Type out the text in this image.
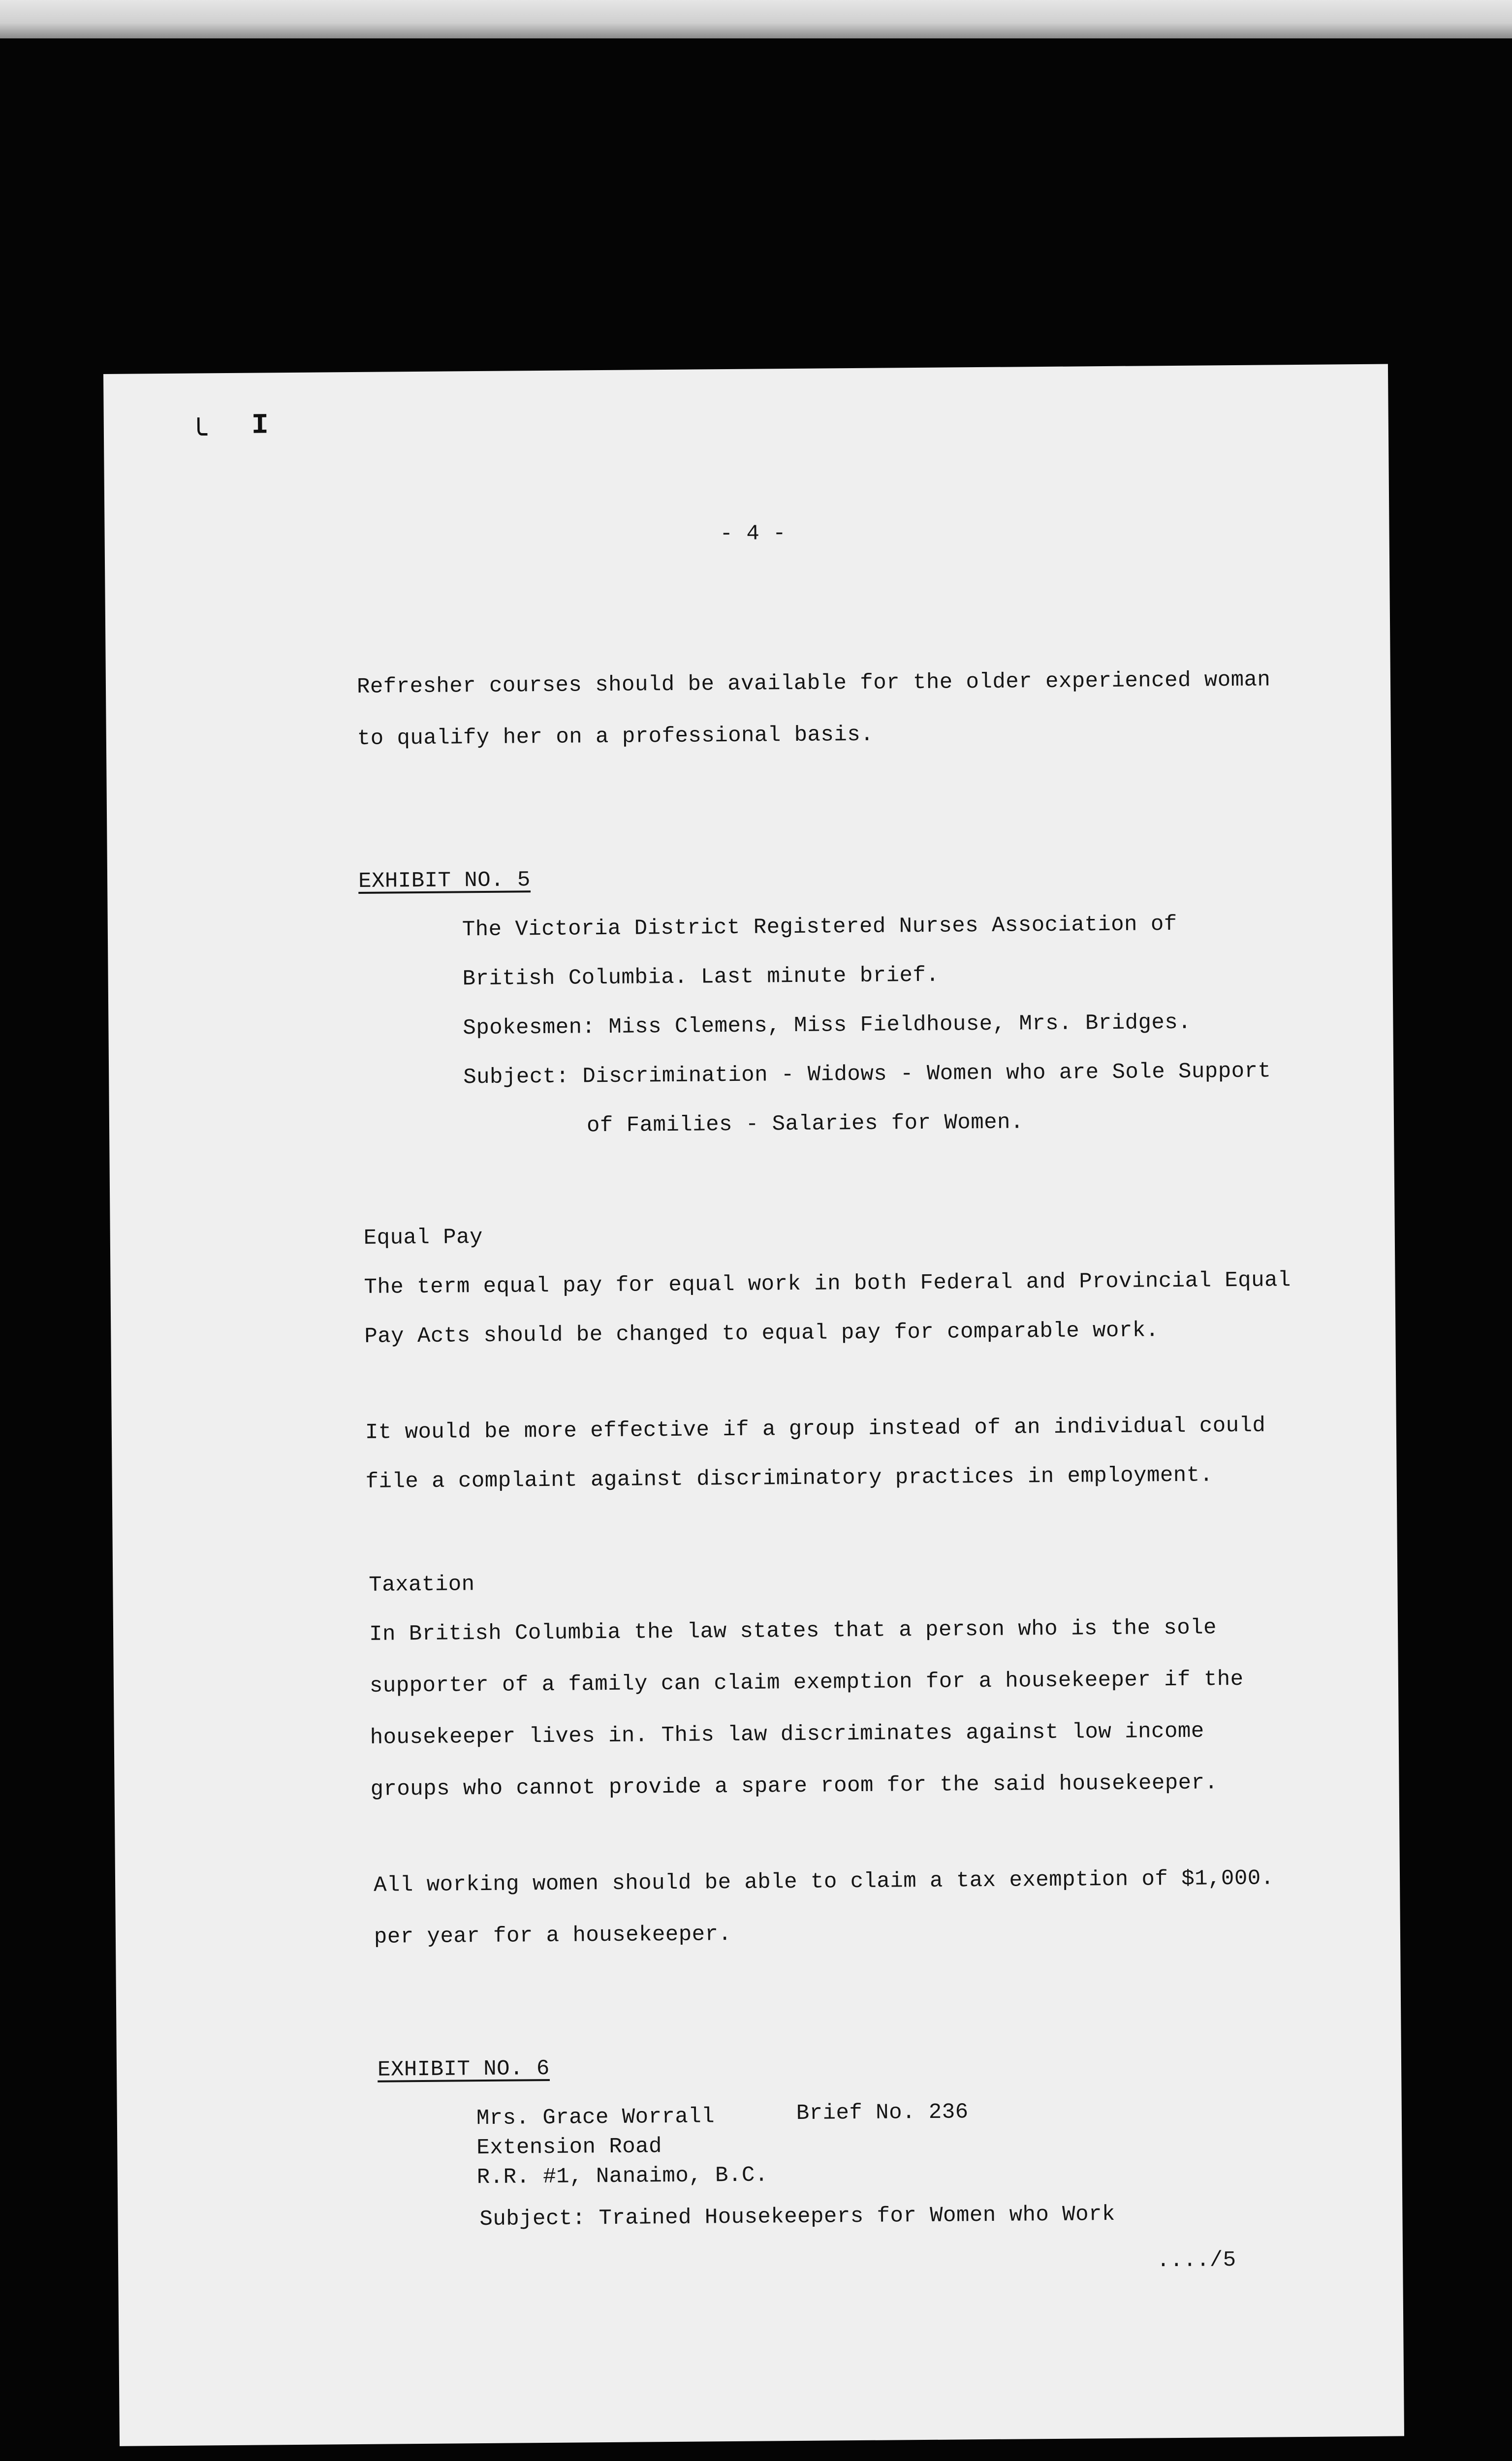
╰ I
- 4 -
Refresher courses should be available for the older experienced woman
to qualify her on a professional basis.
EXHIBIT NO. 5
The Victoria District Registered Nurses Association of
British Columbia. Last minute brief.
Spokesmen: Miss Clemens, Miss Fieldhouse, Mrs. Bridges.
Subject: Discrimination - Widows - Women who are Sole Support
of Families - Salaries for Women.
Equal Pay
The term equal pay for equal work in both Federal and Provincial Equal
Pay Acts should be changed to equal pay for comparable work.
It would be more effective if a group instead of an individual could
file a complaint against discriminatory practices in employment.
Taxation
In British Columbia the law states that a person who is the sole
supporter of a family can claim exemption for a housekeeper if the
housekeeper lives in. This law discriminates against low income
groups who cannot provide a spare room for the said housekeeper.
All working women should be able to claim a tax exemption of $1,000.
per year for a housekeeper.
EXHIBIT NO. 6
Mrs. Grace Worrall	Brief No. 236
Extension Road
R.R. #1, Nanaimo, B.C.
Subject: Trained Housekeepers for Women who Work
..../5
